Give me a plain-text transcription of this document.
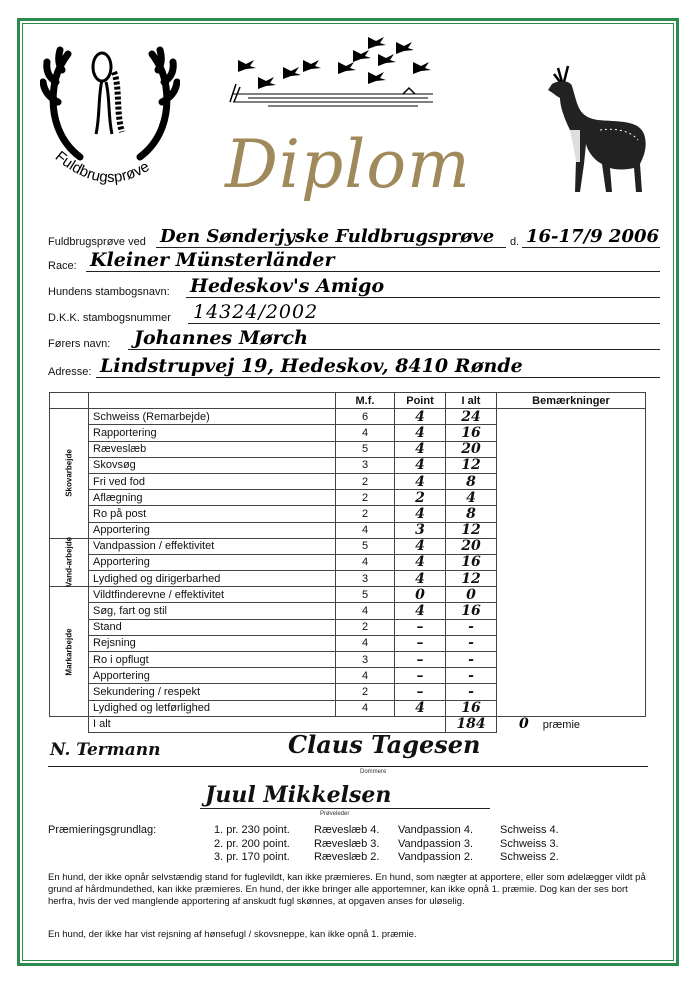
Fuldbrugsprøve Diplom
Fuldbrugsprøve ved Den Sønderjyske Fuldbrugsprøve d. 16-17/9 2006
Race: Kleiner Münsterländer
Hundens stambogsnavn: Hedeskov's Amigo
D.K.K. stambogsnummer 14324/2002
Førers navn: Johannes Mørch
Adresse: Lindstrupvej 19, Hedeskov, 8410 Rønde
		M.f.	Point	I alt	Bemærkninger

Skovarbejde	Schweiss (Remarbejde)	6	4	24	
	Rapportering	4	4	16	
	Ræveslæb	5	4	20	
	Skovsøg	3	4	12	
	Fri ved fod	2	4	8	
	Aflægning	2	2	4	
	Ro på post	2	4	8	
	Apportering	4	3	12	

Vand-arbejde	Vandpassion / effektivitet	5	4	20	
	Apportering	4	4	16	
	Lydighed og dirigerbarhed	3	4	12	

Markarbejde	Vildtfinderevne / effektivitet	5	0	0	
	Søg, fart og stil	4	4	16	
	Stand	2	–	-	
	Rejsning	4	–	-	
	Ro i opflugt	3	–	-	
	Apportering	4	–	-	
	Sekundering / respekt	2	–	-	
	Lydighed og letførlighed	4	4	16	
	I alt			184	0 præmie
N. Termann	Claus Tagesen
Dommere
Juul Mikkelsen
Prøveleder
Præmieringsgrundlag:	1. pr. 230 point. Ræveslæb 4. Vandpassion 4. Schweiss 4.
2. pr. 200 point. Ræveslæb 3. Vandpassion 3. Schweiss 3.
3. pr. 170 point. Ræveslæb 2. Vandpassion 2. Schweiss 2.
En hund, der ikke opnår selvstændig stand for fuglevildt, kan ikke præmieres. En hund, som nægter at apportere, eller som ødelægger vildt på grund af hårdmundethed, kan ikke præmieres. En hund, der ikke bringer alle apportemner, kan ikke opnå 1. præmie. Dog kan der ses bort herfra, hvis der ved manglende apportering af anskudt fugl skønnes, at opgaven anses for uløselig.
En hund, der ikke har vist rejsning af hønsefugl / skovsneppe, kan ikke opnå 1. præmie.
